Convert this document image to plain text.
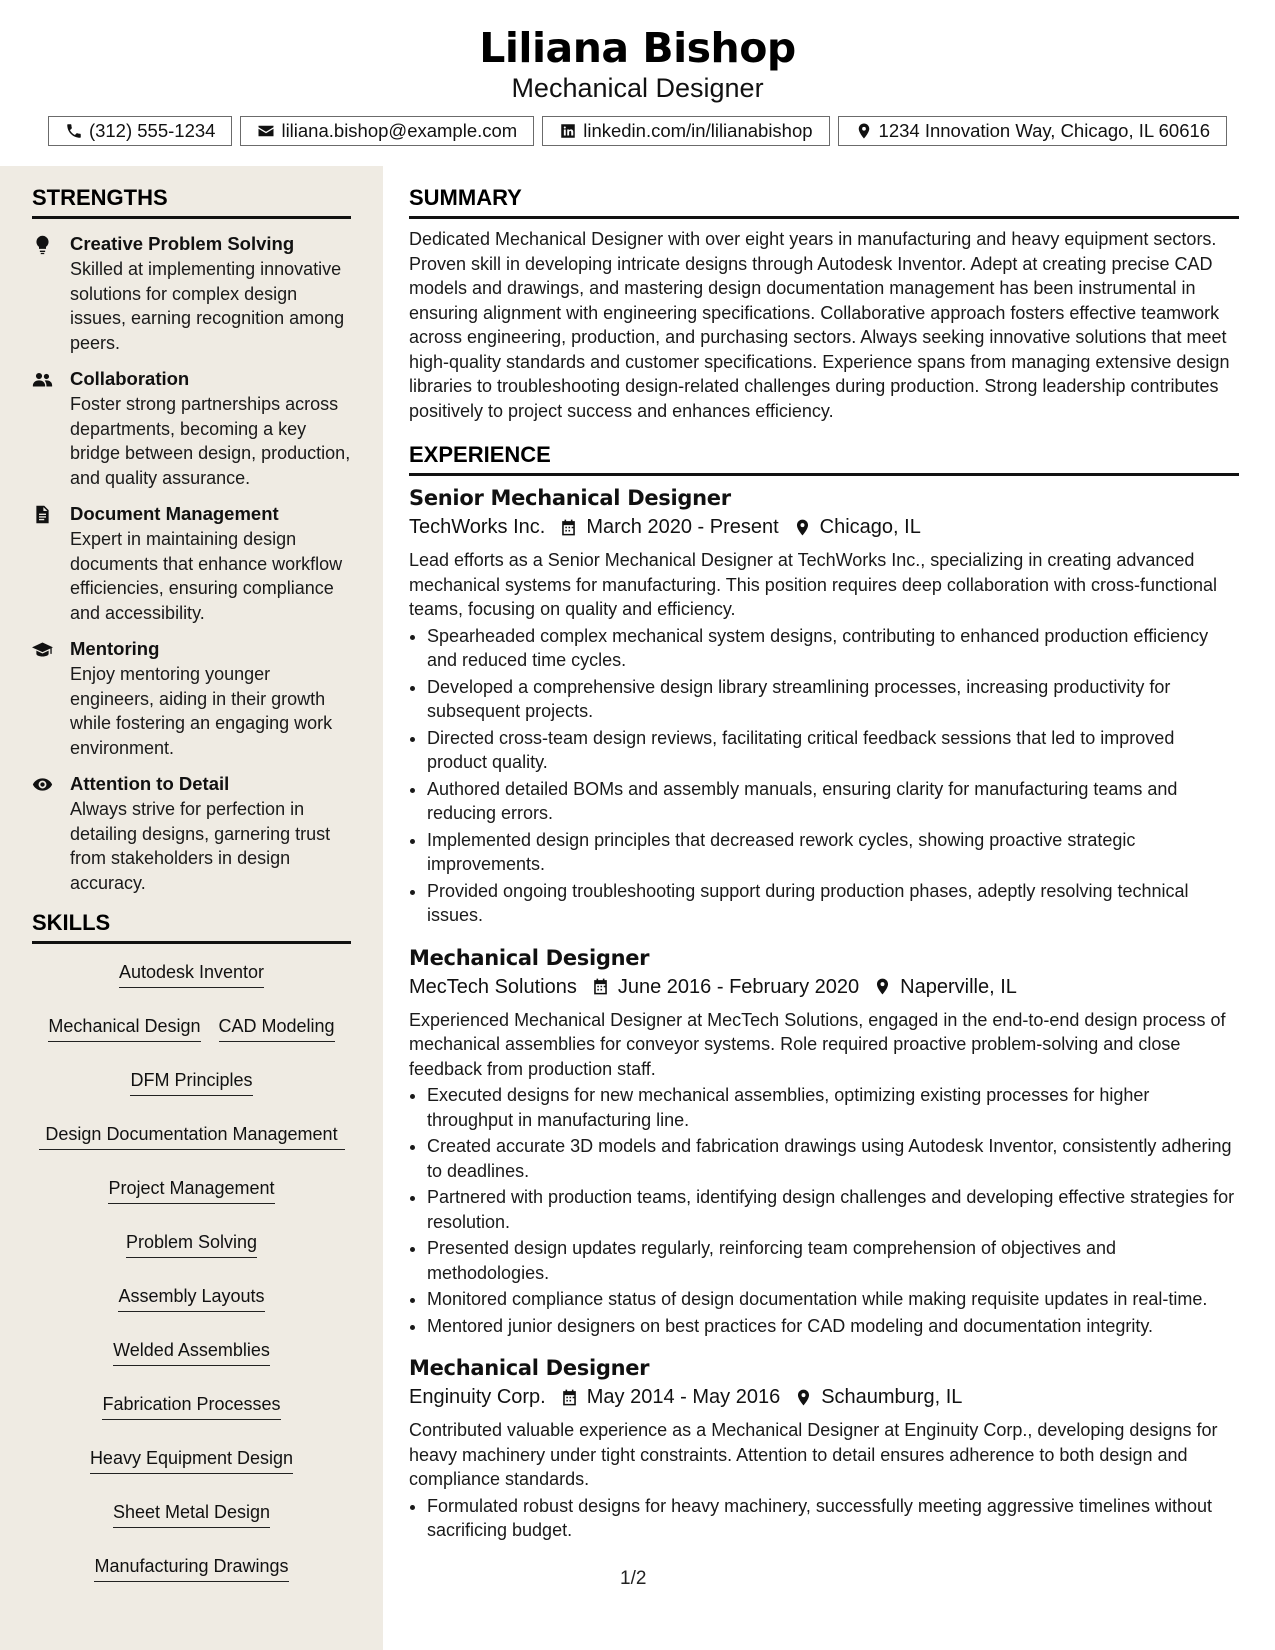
Liliana Bishop
Mechanical Designer
(312) 555-1234	liliana.bishop@example.com	linkedin.com/in/lilianabishop	1234 Innovation Way, Chicago, IL 60616
STRENGTHS
Creative Problem Solving
Skilled at implementing innovative solutions for complex design issues, earning recognition among peers.
Collaboration
Foster strong partnerships across departments, becoming a key bridge between design, production, and quality assurance.
Document Management
Expert in maintaining design documents that enhance workflow efficiencies, ensuring compliance and accessibility.
Mentoring
Enjoy mentoring younger engineers, aiding in their growth while fostering an engaging work environment.
Attention to Detail
Always strive for perfection in detailing designs, garnering trust from stakeholders in design accuracy.
SKILLS
Autodesk Inventor
Mechanical Design CAD Modeling
DFM Principles
Design Documentation Management
Project Management
Problem Solving
Assembly Layouts
Welded Assemblies
Fabrication Processes
Heavy Equipment Design
Sheet Metal Design
Manufacturing Drawings
SUMMARY
Dedicated Mechanical Designer with over eight years in manufacturing and heavy equipment sectors. Proven skill in developing intricate designs through Autodesk Inventor. Adept at creating precise CAD models and drawings, and mastering design documentation management has been instrumental in ensuring alignment with engineering specifications. Collaborative approach fosters effective teamwork across engineering, production, and purchasing sectors. Always seeking innovative solutions that meet high-quality standards and customer specifications. Experience spans from managing extensive design libraries to troubleshooting design-related challenges during production. Strong leadership contributes positively to project success and enhances efficiency.
EXPERIENCE
Senior Mechanical Designer
TechWorks Inc. March 2020 - Present Chicago, IL
Lead efforts as a Senior Mechanical Designer at TechWorks Inc., specializing in creating advanced mechanical systems for manufacturing. This position requires deep collaboration with cross-functional teams, focusing on quality and efficiency.
• Spearheaded complex mechanical system designs, contributing to enhanced production efficiency and reduced time cycles.
• Developed a comprehensive design library streamlining processes, increasing productivity for subsequent projects.
• Directed cross-team design reviews, facilitating critical feedback sessions that led to improved product quality.
• Authored detailed BOMs and assembly manuals, ensuring clarity for manufacturing teams and reducing errors.
• Implemented design principles that decreased rework cycles, showing proactive strategic improvements.
• Provided ongoing troubleshooting support during production phases, adeptly resolving technical issues.
Mechanical Designer
MecTech Solutions June 2016 - February 2020 Naperville, IL
Experienced Mechanical Designer at MecTech Solutions, engaged in the end-to-end design process of mechanical assemblies for conveyor systems. Role required proactive problem-solving and close feedback from production staff.
• Executed designs for new mechanical assemblies, optimizing existing processes for higher throughput in manufacturing line.
• Created accurate 3D models and fabrication drawings using Autodesk Inventor, consistently adhering to deadlines.
• Partnered with production teams, identifying design challenges and developing effective strategies for resolution.
• Presented design updates regularly, reinforcing team comprehension of objectives and methodologies.
• Monitored compliance status of design documentation while making requisite updates in real-time.
• Mentored junior designers on best practices for CAD modeling and documentation integrity.
Mechanical Designer
Enginuity Corp. May 2014 - May 2016 Schaumburg, IL
Contributed valuable experience as a Mechanical Designer at Enginuity Corp., developing designs for heavy machinery under tight constraints. Attention to detail ensures adherence to both design and compliance standards.
• Formulated robust designs for heavy machinery, successfully meeting aggressive timelines without sacrificing budget.
1/2
